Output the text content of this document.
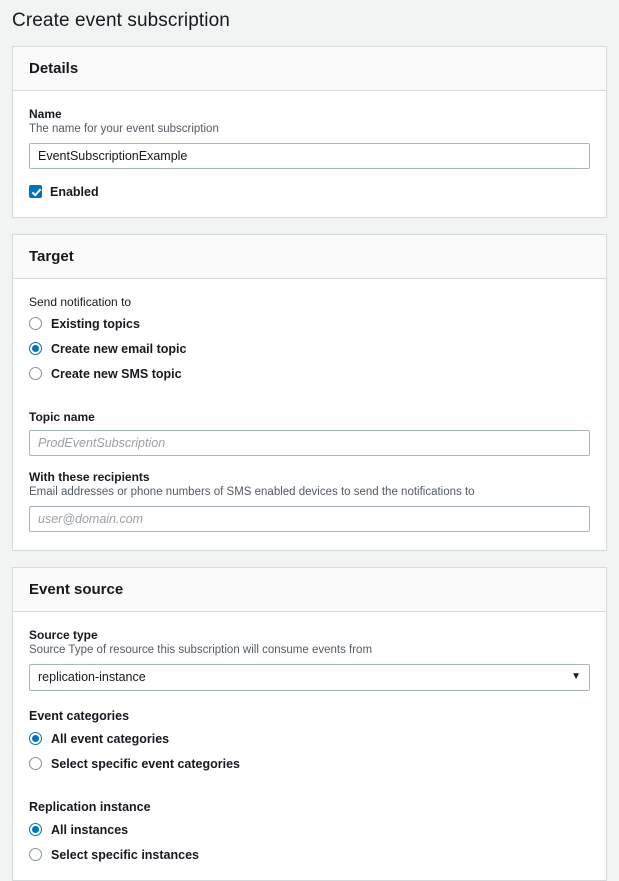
Create event subscription
Details
Name
The name for your event subscription
EventSubscriptionExample
Enabled
Target
Send notification to
Existing topics
Create new email topic
Create new SMS topic
Topic name
ProdEventSubscription
With these recipients
Email addresses or phone numbers of SMS enabled devices to send the notifications to
user@domain.com
Event source
Source type
Source Type of resource this subscription will consume events from
replication-instance	▼
Event categories
All event categories
Select specific event categories
Replication instance
All instances
Select specific instances
